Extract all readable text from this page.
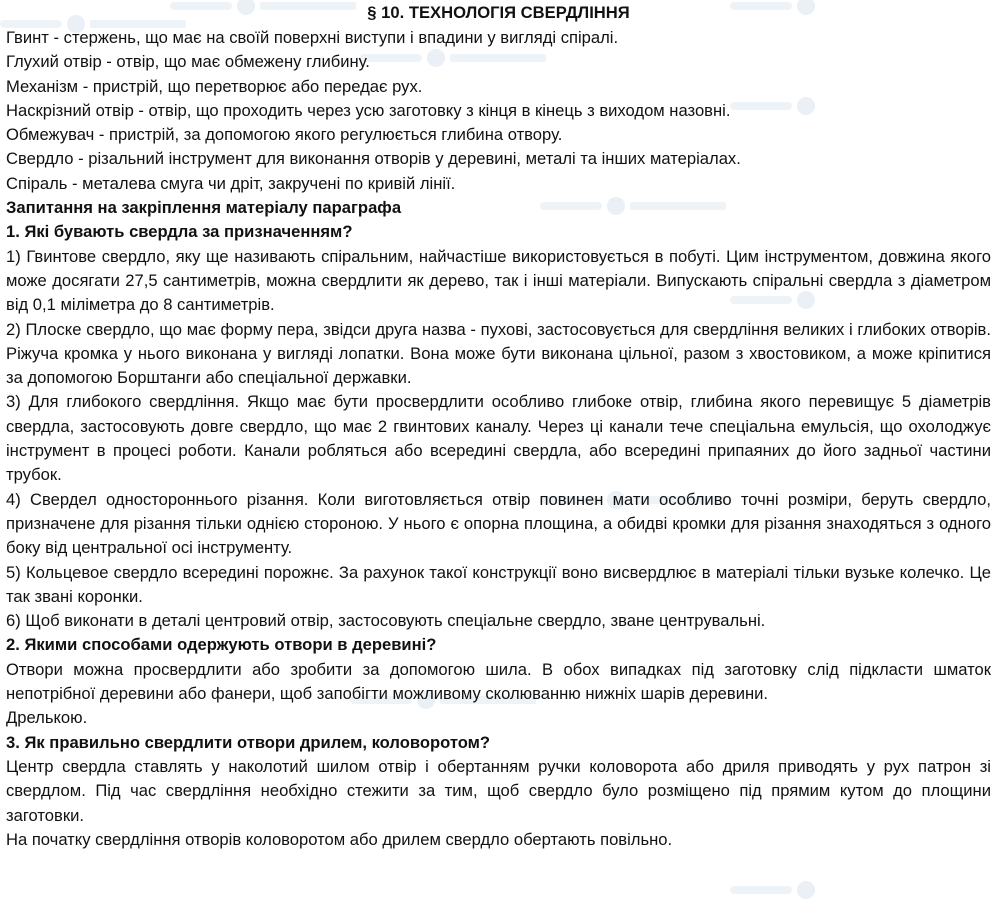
§ 10. ТЕХНОЛОГІЯ СВЕРДЛІННЯ

Гвинт - стержень, що має на своїй поверхні виступи і впадини у вигляді спіралі.

Глухий отвір - отвір, що має обмежену глибину.

Механізм - пристрій, що перетворює або передає рух.

Наскрізний отвір - отвір, що проходить через усю заготовку з кінця в кінець з виходом назовні.

Обмежувач - пристрій, за допомогою якого регулюється глибина отвору.

Свердло - різальний інструмент для виконання отворів у деревині, металі та інших матеріалах.

Спіраль - металева смуга чи дріт, закручені по кривій лінії.

Запитання на закріплення матеріалу параграфа

1. Які бувають свердла за призначенням?

1) Гвинтове свердло, яку ще називають спіральним, найчастіше використовується в побуті. Цим інструментом, довжина якого може досягати 27,5 сантиметрів, можна свердлити як дерево, так і інші матеріали. Випускають спіральні свердла з діаметром від 0,1 міліметра до 8 сантиметрів.

2) Плоске свердло, що має форму пера, звідси друга назва - пухові, застосовується для свердління великих і глибоких отворів. Ріжуча кромка у нього виконана у вигляді лопатки. Вона може бути виконана цільної, разом з хвостовиком, а може кріпитися за допомогою Борштанги або спеціальної державки.

3) Для глибокого свердління. Якщо має бути просвердлити особливо глибоке отвір, глибина якого перевищує 5 діаметрів свердла, застосовують довге свердло, що має 2 гвинтових каналу. Через ці канали тече спеціальна емульсія, що охолоджує інструмент в процесі роботи. Канали робляться або всередині свердла, або всередині припаяних до його задньої частини трубок.

4) Свердел одностороннього різання. Коли виготовляється отвір повинен мати особливо точні розміри, беруть свердло, призначене для різання тільки однією стороною. У нього є опорна площина, а обидві кромки для різання знаходяться з одного боку від центральної осі інструменту.

5) Кольцевое свердло всередині порожнє. За рахунок такої конструкції воно висвердлює в матеріалі тільки вузьке колечко. Це так звані коронки.

6) Щоб виконати в деталі центровий отвір, застосовують спеціальне свердло, зване центрувальні.

2. Якими способами одержують отвори в деревині?

Отвори можна просвердлити або зробити за допомогою шила. В обох випадках під заготовку слід підкласти шматок непотрібної деревини або фанери, щоб запобігти можливому сколюванню нижніх шарів деревини.

Дрелькою.

3. Як правильно свердлити отвори дрилем, коловоротом?

Центр свердла ставлять у наколотий шилом отвір і обертанням ручки коловорота або дриля приводять у рух патрон зі свердлом. Під час свердління необхідно стежити за тим, щоб свердло було розміщено під прямим кутом до площини заготовки.

На початку свердління отворів коловоротом або дрилем свердло обертають повільно.
